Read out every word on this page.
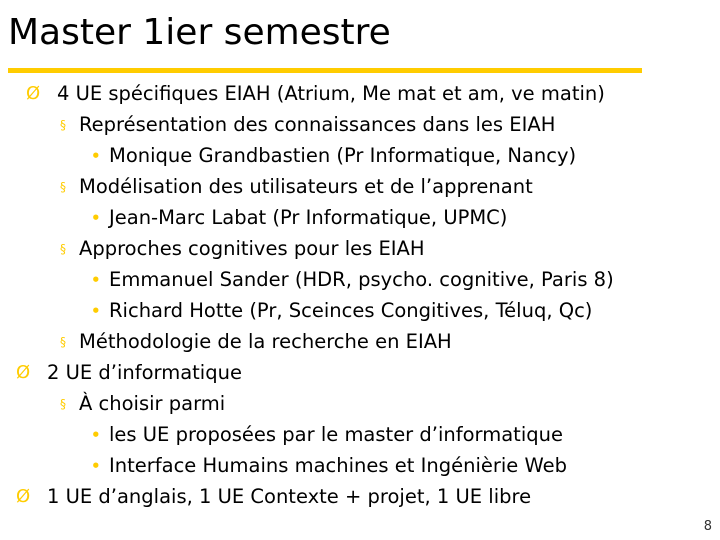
Master 1ier semestre
Ø 4 UE spécifiques EIAH (Atrium, Me mat et am, ve matin)
§ Représentation des connaissances dans les EIAH
• Monique Grandbastien (Pr Informatique, Nancy)
§ Modélisation des utilisateurs et de l’apprenant
• Jean-Marc Labat (Pr Informatique, UPMC)
§ Approches cognitives pour les EIAH
• Emmanuel Sander (HDR, psycho. cognitive, Paris 8)
• Richard Hotte (Pr, Sceinces Congitives, Téluq, Qc)
§ Méthodologie de la recherche en EIAH
Ø 2 UE d’informatique
§ À choisir parmi
• les UE proposées par le master d’informatique
• Interface Humains machines et Ingénièrie Web
Ø 1 UE d’anglais, 1 UE Contexte + projet, 1 UE libre
8
